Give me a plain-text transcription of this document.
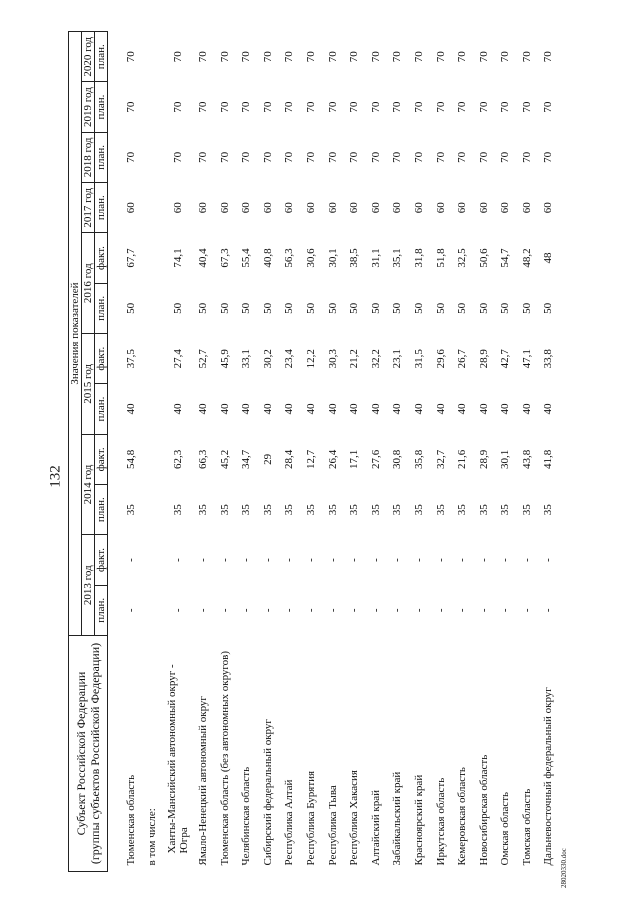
132
28020330.doc
Субъект Российской Федерации
(группы субъектов Российской Федерации)	Значения показателей											
	2013 год		2014 год		2015 год		2016 год		2017 год	2018 год	2019 год	2020 год
	план.	факт.	план.	факт.	план.	факт.	план.	факт.	план.	план.	план.	план.

Тюменская область	-	-	35	54,8	40	37,5	50	67,7	60	70	70	70
в том числе:												
Ханты-Мансийский автономный округ - Югра	-	-	35	62,3	40	27,4	50	74,1	60	70	70	70
Ямало-Ненецкий автономный округ	-	-	35	66,3	40	52,7	50	40,4	60	70	70	70
Тюменская область (без автономных округов)	-	-	35	45,2	40	45,9	50	67,3	60	70	70	70
Челябинская область	-	-	35	34,7	40	33,1	50	55,4	60	70	70	70
Сибирский федеральный округ	-	-	35	29	40	30,2	50	40,8	60	70	70	70
Республика Алтай	-	-	35	28,4	40	23,4	50	56,3	60	70	70	70
Республика Бурятия	-	-	35	12,7	40	12,2	50	30,6	60	70	70	70
Республика Тыва	-	-	35	26,4	40	30,3	50	30,1	60	70	70	70
Республика Хакасия	-	-	35	17,1	40	21,2	50	38,5	60	70	70	70
Алтайский край	-	-	35	27,6	40	32,2	50	31,1	60	70	70	70
Забайкальский край	-	-	35	30,8	40	23,1	50	35,1	60	70	70	70
Красноярский край	-	-	35	35,8	40	31,5	50	31,8	60	70	70	70
Иркутская область	-	-	35	32,7	40	29,6	50	51,8	60	70	70	70
Кемеровская область	-	-	35	21,6	40	26,7	50	32,5	60	70	70	70
Новосибирская область	-	-	35	28,9	40	28,9	50	50,6	60	70	70	70
Омская область	-	-	35	30,1	40	42,7	50	54,7	60	70	70	70
Томская область	-	-	35	43,8	40	47,1	50	48,2	60	70	70	70
Дальневосточный федеральный округ	-	-	35	41,8	40	33,8	50	48	60	70	70	70
